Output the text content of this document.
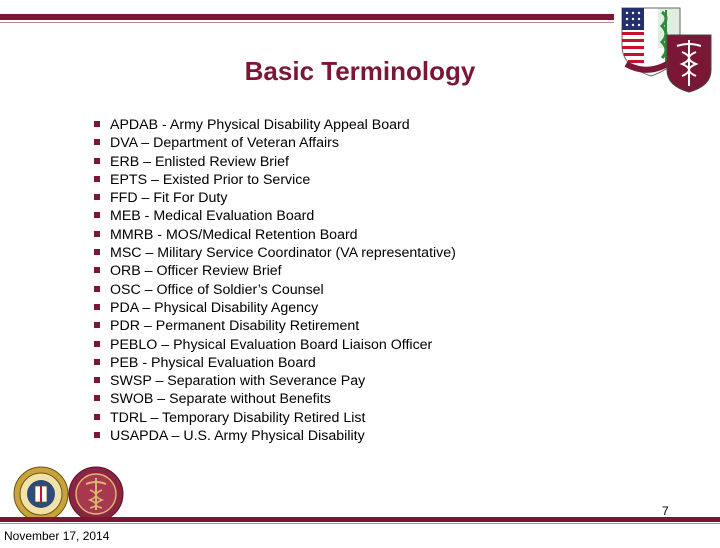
Basic Terminology
APDAB - Army Physical Disability Appeal Board
DVA – Department of Veteran Affairs
ERB – Enlisted Review Brief
EPTS – Existed Prior to Service
FFD – Fit For Duty
MEB - Medical Evaluation Board
MMRB - MOS/Medical Retention Board
MSC – Military Service Coordinator (VA representative)
ORB – Officer Review Brief
OSC – Office of Soldier’s Counsel
PDA – Physical Disability Agency
PDR – Permanent Disability Retirement
PEBLO – Physical Evaluation Board Liaison Officer
PEB - Physical Evaluation Board
SWSP – Separation with Severance Pay
SWOB – Separate without Benefits
TDRL – Temporary Disability Retired List
USAPDA – U.S. Army Physical Disability
7
November 17, 2014
